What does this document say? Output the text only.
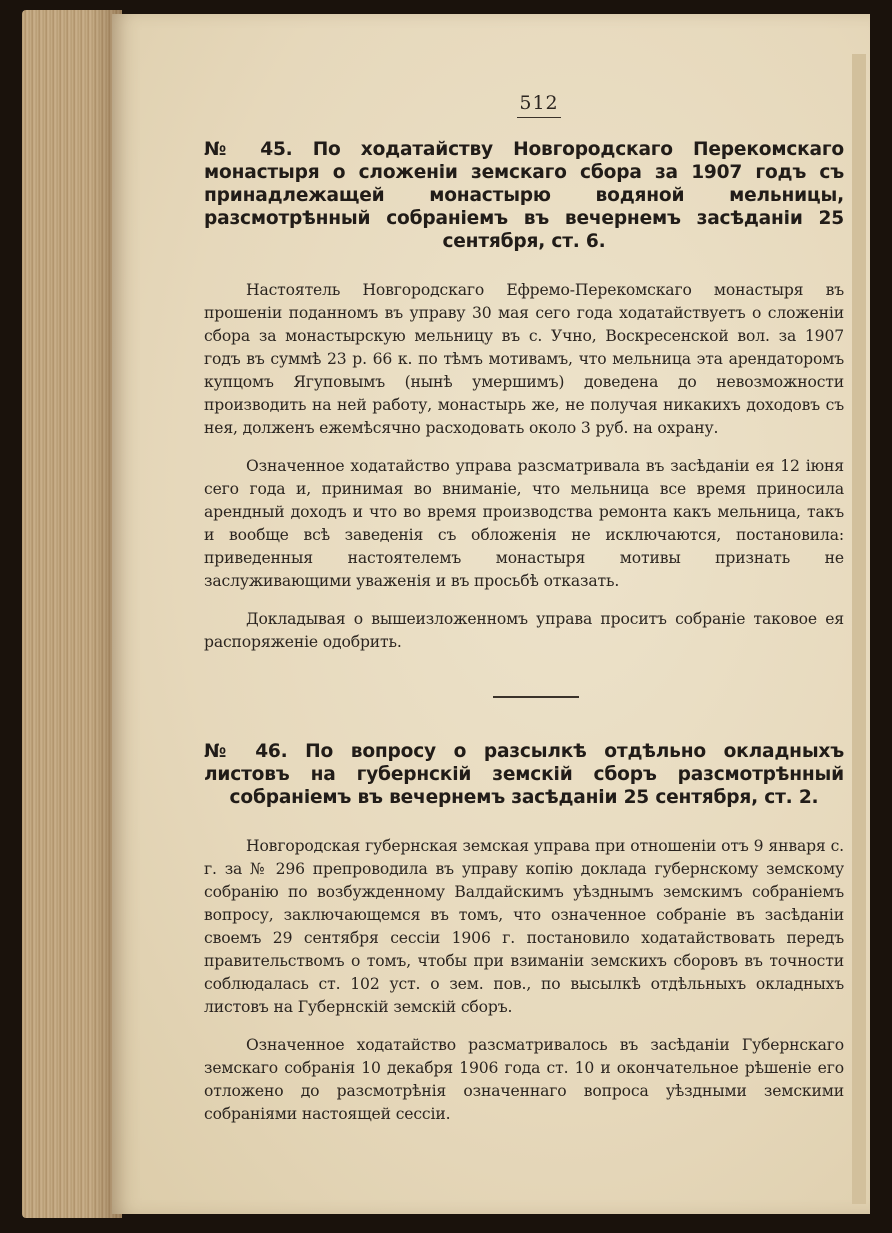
512
№ 45. По ходатайству Новгородскаго Перекомскаго монастыря о сложенiи земскаго сбора за 1907 годъ съ принадлежащей монастырю водяной мельницы, разсмотрѣнный собранiемъ въ вечернемъ засѣданiи 25 сентября, ст. 6.

Настоятель Новгородскаго Ефремо-Перекомскаго монастыря въ прошенiи поданномъ въ управу 30 мая сего года ходатайствуетъ о сложенiи сбора за монастырскую мельницу въ с. Учно, Воскресенской вол. за 1907 годъ въ суммѣ 23 р. 66 к. по тѣмъ мотивамъ, что мельница эта арендаторомъ купцомъ Ягуповымъ (нынѣ умершимъ) доведена до невозможности производить на ней работу, монастырь же, не получая никакихъ доходовъ съ нея, долженъ ежемѣсячно расходовать около 3 руб. на охрану.

Означенное ходатайство управа разсматривала въ засѣданiи ея 12 iюня сего года и, принимая во вниманiе, что мельница все время приносила арендный доходъ и что во время производства ремонта какъ мельница, такъ и вообще всѣ заведенiя съ обложенiя не исключаются, постановила: приведенныя настоятелемъ монастыря мотивы признать не заслуживающими уваженiя и въ просьбѣ отказать.

Докладывая о вышеизложенномъ управа проситъ собранiе таковое ея распоряженiе одобрить.

№ 46. По вопросу о разсылкѣ отдѣльно окладныхъ листовъ на губернскiй земскiй сборъ разсмотрѣнный собранiемъ въ вечернемъ засѣданiи 25 сентября, ст. 2.

Новгородская губернская земская управа при отношенiи отъ 9 января с. г. за № 296 препроводила въ управу копiю доклада губернскому земскому собранiю по возбужденному Валдайскимъ уѣзднымъ земскимъ собранiемъ вопросу, заключающемся въ томъ, что означенное собранiе въ засѣданiи своемъ 29 сентября сессiи 1906 г. постановило ходатайствовать передъ правительствомъ о томъ, чтобы при взиманiи земскихъ сборовъ въ точности соблюдалась ст. 102 уст. о зем. пов., по высылкѣ отдѣльныхъ окладныхъ листовъ на Губернскiй земскiй сборъ.

Означенное ходатайство разсматривалось въ засѣданiи Губернскаго земскаго собранiя 10 декабря 1906 года ст. 10 и окончательное рѣшенiе его отложено до разсмотрѣнiя означеннаго вопроса уѣздными земскими собранiями настоящей сессiи.
